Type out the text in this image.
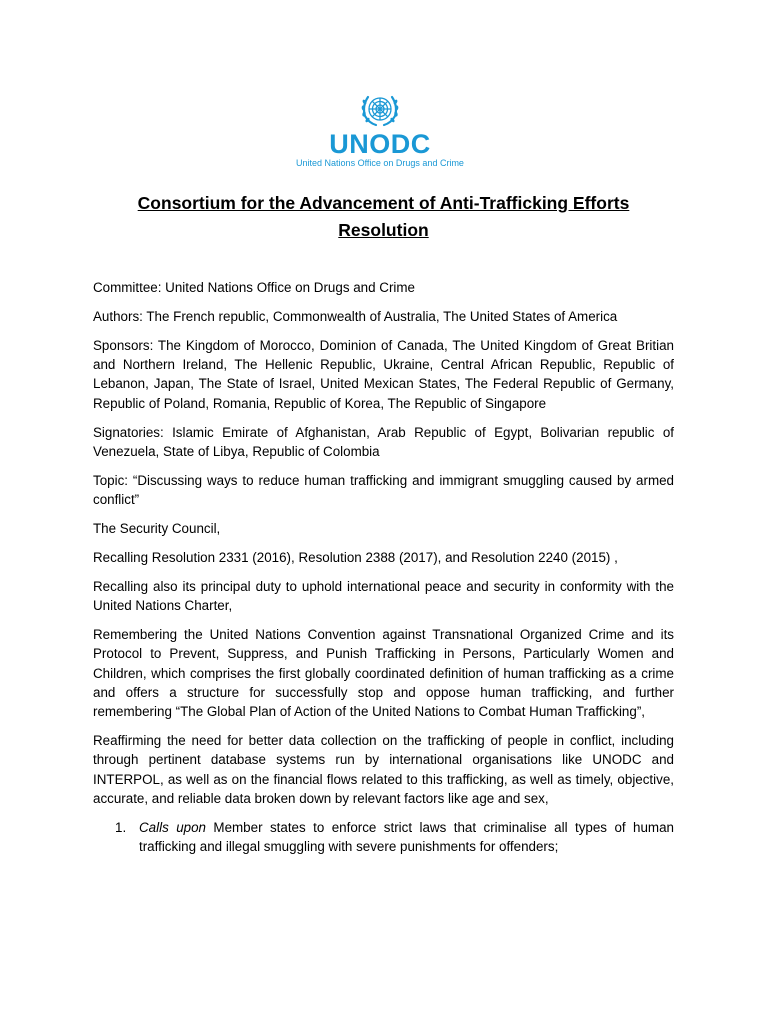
UNODC
United Nations Office on Drugs and Crime
Consortium for the Advancement of Anti-Trafficking Efforts
Resolution

Committee: United Nations Office on Drugs and Crime

Authors: The French republic, Commonwealth of Australia, The United States of America

Sponsors: The Kingdom of Morocco, Dominion of Canada, The United Kingdom of Great Britian and Northern Ireland, The Hellenic Republic, Ukraine, Central African Republic, Republic of Lebanon, Japan, The State of Israel, United Mexican States, The Federal Republic of Germany, Republic of Poland, Romania, Republic of Korea, The Republic of Singapore

Signatories: Islamic Emirate of Afghanistan, Arab Republic of Egypt, Bolivarian republic of Venezuela, State of Libya, Republic of Colombia

Topic: “Discussing ways to reduce human trafficking and immigrant smuggling caused by armed conflict”

The Security Council,

Recalling Resolution 2331 (2016), Resolution 2388 (2017), and Resolution 2240 (2015) ,

Recalling also its principal duty to uphold international peace and security in conformity with the United Nations Charter,

Remembering the United Nations Convention against Transnational Organized Crime and its Protocol to Prevent, Suppress, and Punish Trafficking in Persons, Particularly Women and Children, which comprises the first globally coordinated definition of human trafficking as a crime and offers a structure for successfully stop and oppose human trafficking, and further remembering “The Global Plan of Action of the United Nations to Combat Human Trafficking”,

Reaffirming the need for better data collection on the trafficking of people in conflict, including through pertinent database systems run by international organisations like UNODC and INTERPOL, as well as on the financial flows related to this trafficking, as well as timely, objective, accurate, and reliable data broken down by relevant factors like age and sex,

1. Calls upon Member states to enforce strict laws that criminalise all types of human trafficking and illegal smuggling with severe punishments for offenders;
